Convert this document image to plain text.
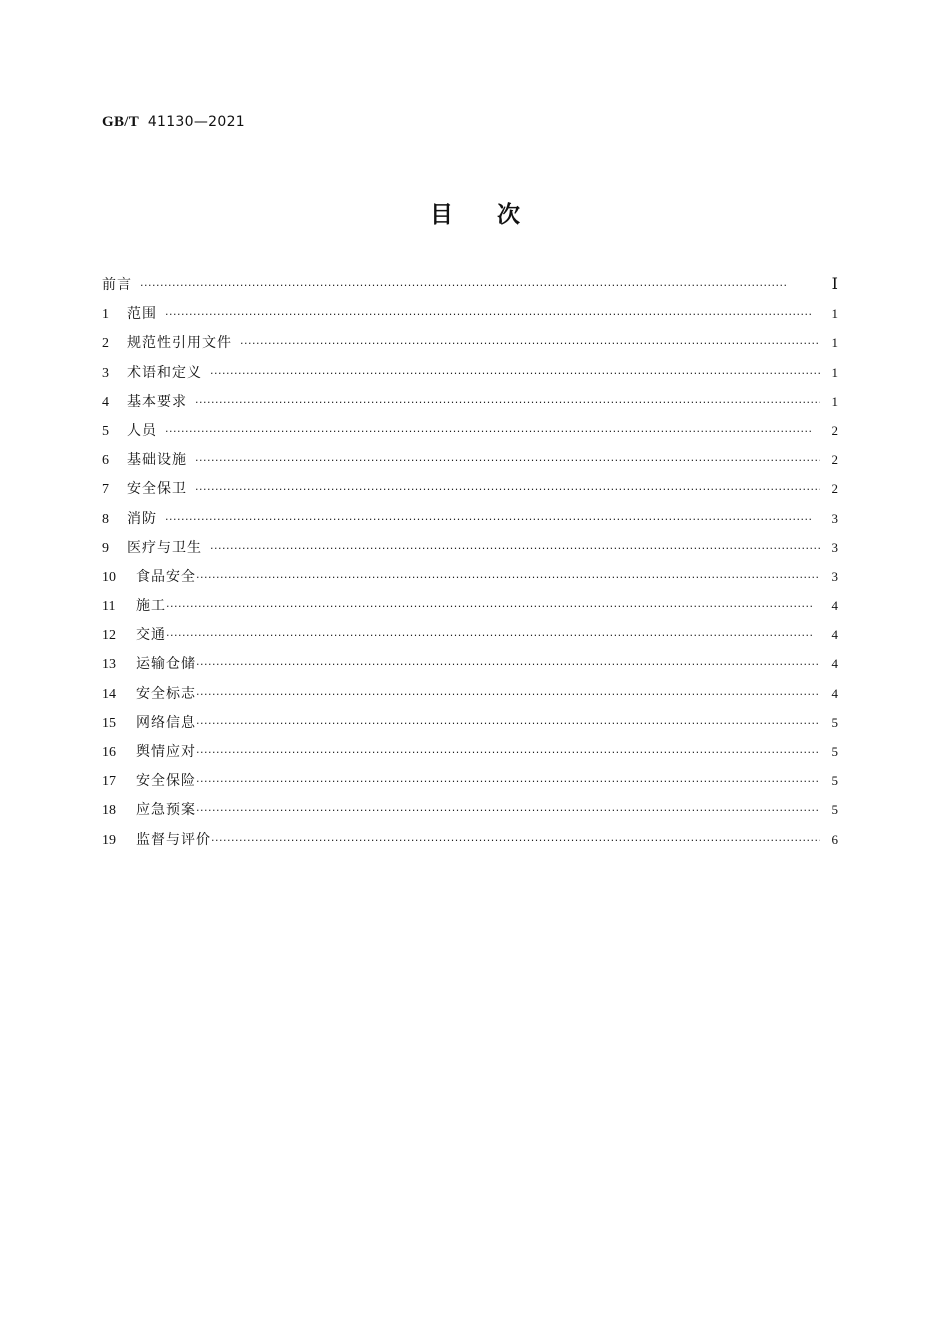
GB/T 41130—2021
目次
前言 ·····	Ⅰ
1	范围 ·····	1
2	规范性引用文件 ·····	1
3	术语和定义 ·····	1
4	基本要求 ·····	1
5	人员 ·····	2
6	基础设施 ·····	2
7	安全保卫 ·····	2
8	消防 ·····	3
9	医疗与卫生 ·····	3
10	食品安全 ·····	3
11	施工 ·····	4
12	交通 ·····	4
13	运输仓储 ·····	4
14	安全标志 ·····	4
15	网络信息 ·····	5
16	舆情应对 ·····	5
17	安全保险 ·····	5
18	应急预案 ·····	5
19	监督与评价 ·····	6
